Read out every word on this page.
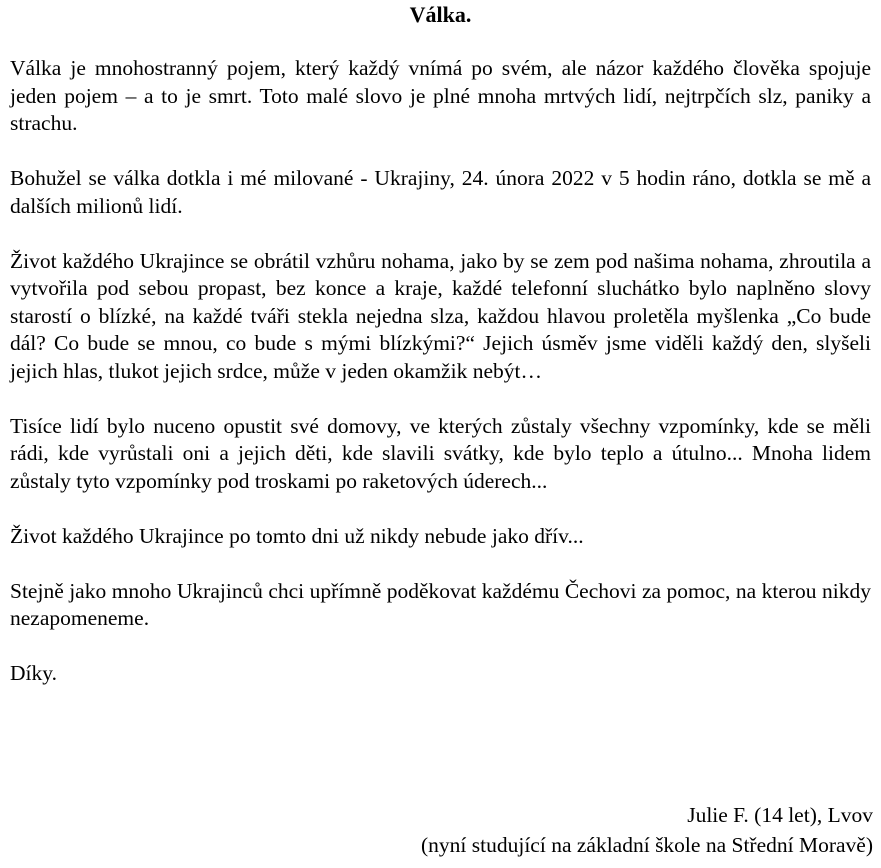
Válka.

Válka je mnohostranný pojem, který každý vnímá po svém, ale názor každého člověka spojuje jeden pojem – a to je smrt. Toto malé slovo je plné mnoha mrtvých lidí, nejtrpčích slz, paniky a strachu.

Bohužel se válka dotkla i mé milované - Ukrajiny, 24. února 2022 v 5 hodin ráno, dotkla se mě a dalších milionů lidí.

Život každého Ukrajince se obrátil vzhůru nohama, jako by se zem pod našima nohama, zhroutila a vytvořila pod sebou propast, bez konce a kraje, každé telefonní sluchátko bylo naplněno slovy starostí o blízké, na každé tváři stekla nejedna slza, každou hlavou proletěla myšlenka „Co bude dál? Co bude se mnou, co bude s mými blízkými?“ Jejich úsměv jsme viděli každý den, slyšeli jejich hlas, tlukot jejich srdce, může v jeden okamžik nebýt…

Tisíce lidí bylo nuceno opustit své domovy, ve kterých zůstaly všechny vzpomínky, kde se měli rádi, kde vyrůstali oni a jejich děti, kde slavili svátky, kde bylo teplo a útulno... Mnoha lidem zůstaly tyto vzpomínky pod troskami po raketových úderech...

Život každého Ukrajince po tomto dni už nikdy nebude jako dřív...

Stejně jako mnoho Ukrajinců chci upřímně poděkovat každému Čechovi za pomoc, na kterou nikdy nezapomeneme.

Díky.

Julie F. (14 let), Lvov
(nyní studující na základní škole na Střední Moravě)
